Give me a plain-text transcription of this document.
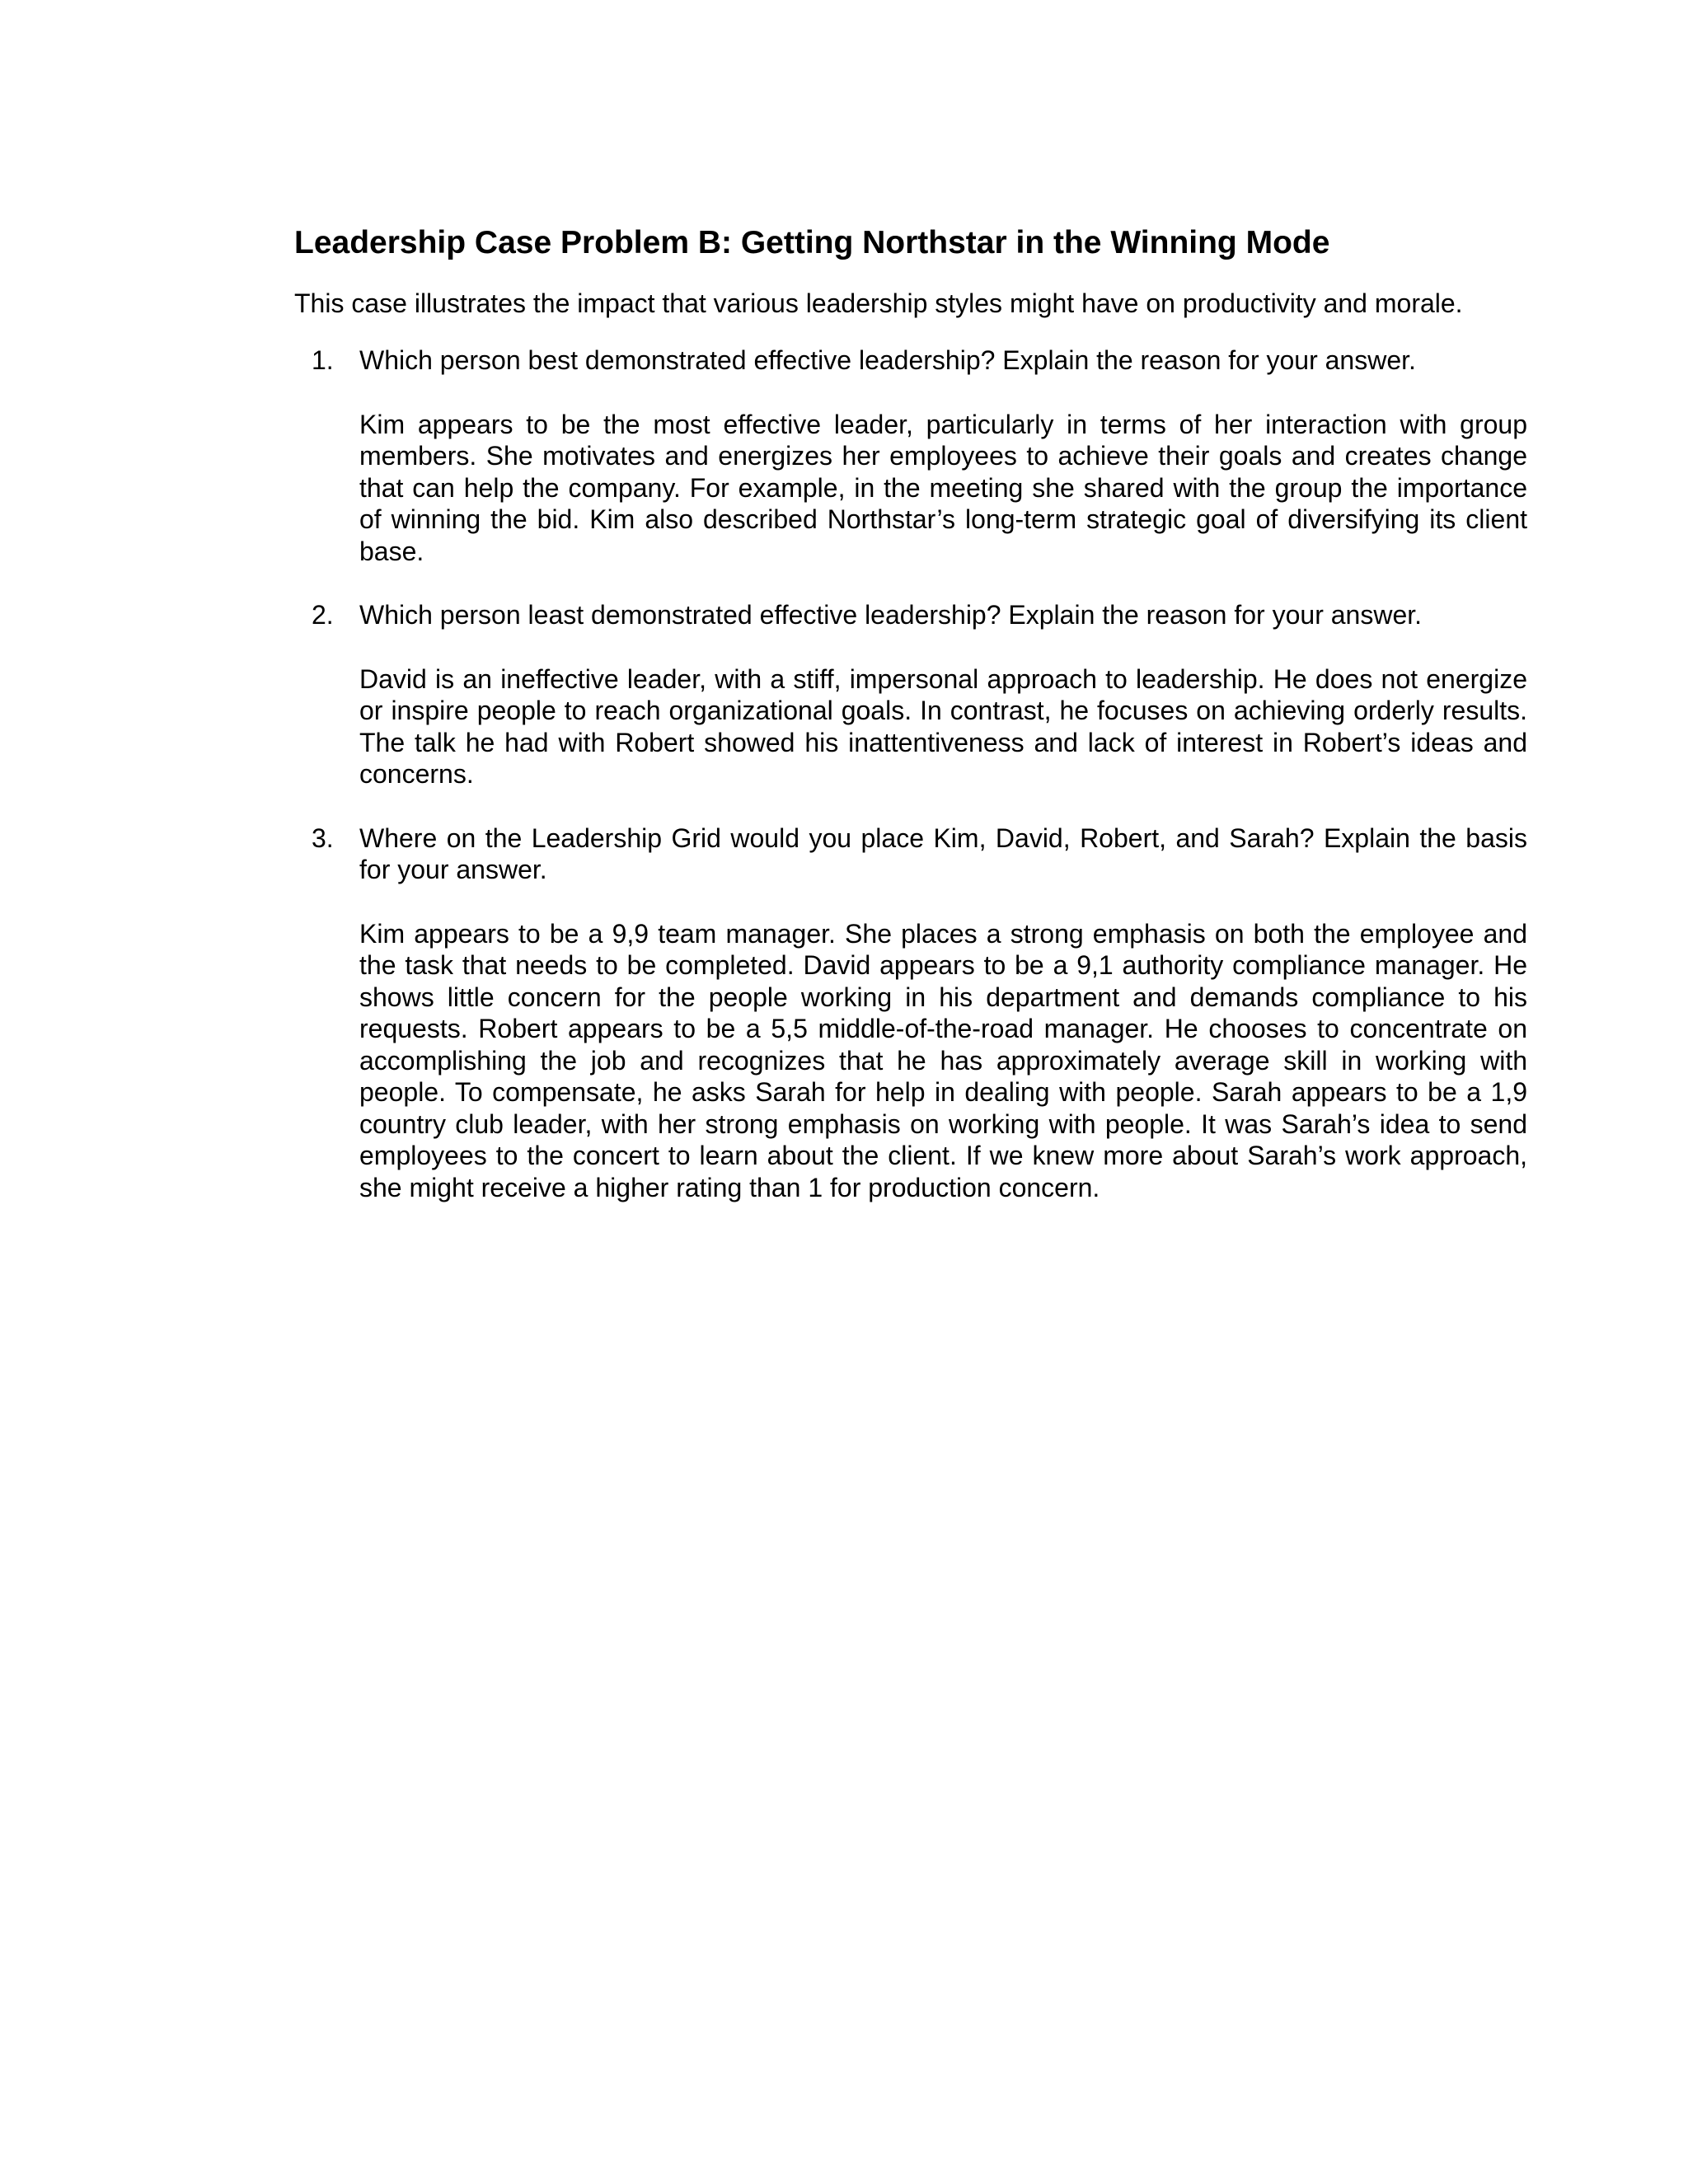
Leadership Case Problem B: Getting Northstar in the Winning Mode

This case illustrates the impact that various leadership styles might have on productivity and morale.

1. Which person best demonstrated effective leadership? Explain the reason for your answer.

Kim appears to be the most effective leader, particularly in terms of her interaction with group members. She motivates and energizes her employees to achieve their goals and creates change that can help the company. For example, in the meeting she shared with the group the importance of winning the bid. Kim also described Northstar’s long-term strategic goal of diversifying its client base.

2. Which person least demonstrated effective leadership? Explain the reason for your answer.

David is an ineffective leader, with a stiff, impersonal approach to leadership. He does not energize or inspire people to reach organizational goals. In contrast, he focuses on achieving orderly results. The talk he had with Robert showed his inattentiveness and lack of interest in Robert’s ideas and concerns.

3. Where on the Leadership Grid would you place Kim, David, Robert, and Sarah? Explain the basis for your answer.

Kim appears to be a 9,9 team manager. She places a strong emphasis on both the employee and the task that needs to be completed. David appears to be a 9,1 authority compliance manager. He shows little concern for the people working in his department and demands compliance to his requests. Robert appears to be a 5,5 middle-of-the-road manager. He chooses to concentrate on accomplishing the job and recognizes that he has approximately average skill in working with people. To compensate, he asks Sarah for help in dealing with people. Sarah appears to be a 1,9 country club leader, with her strong emphasis on working with people. It was Sarah’s idea to send employees to the concert to learn about the client. If we knew more about Sarah’s work approach, she might receive a higher rating than 1 for production concern.
